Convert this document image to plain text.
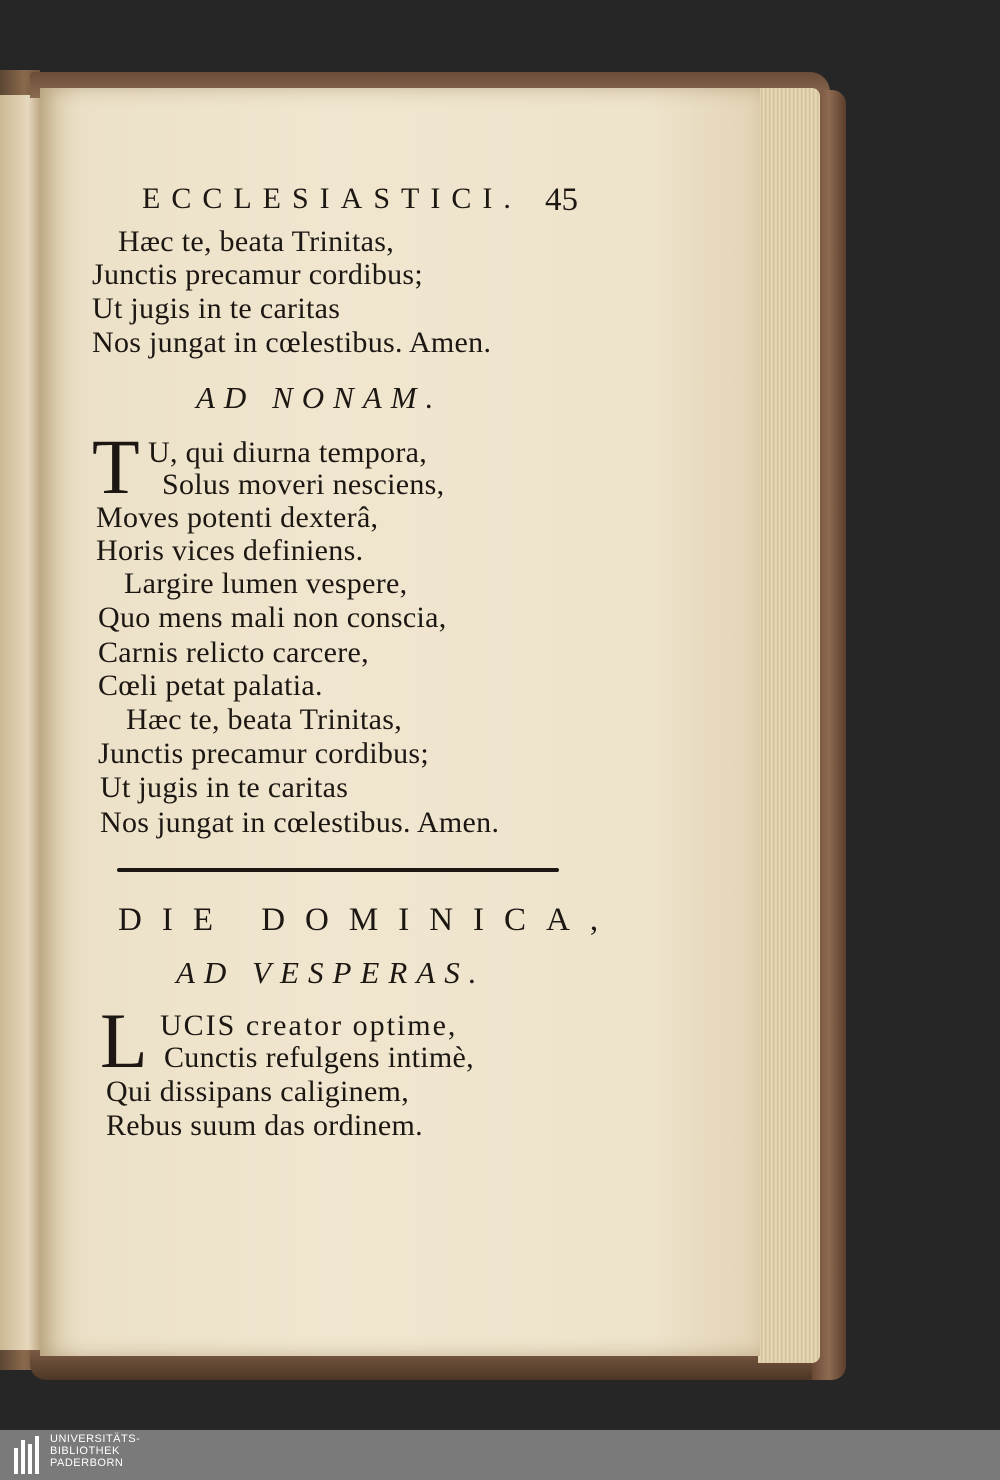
ECCLESIASTICI. 45
Hæc te, beata Trinitas,
Junctis precamur cordibus;
Ut jugis in te caritas
Nos jungat in cœlestibus. Amen.
AD NONAM.
T U, qui diurna tempora,
Solus moveri nesciens,
Moves potenti dexterâ,
Horis vices definiens.
Largire lumen vespere,
Quo mens mali non conscia,
Carnis relicto carcere,
Cœli petat palatia.
Hæc te, beata Trinitas,
Junctis precamur cordibus;
Ut jugis in te caritas
Nos jungat in cœlestibus. Amen.
DIE DOMINICA,
AD VESPERAS.
L UCIS creator optime,
Cunctis refulgens intimè,
Qui dissipans caliginem,
Rebus suum das ordinem.
UNIVERSITÄTS-
BIBLIOTHEK
PADERBORN
